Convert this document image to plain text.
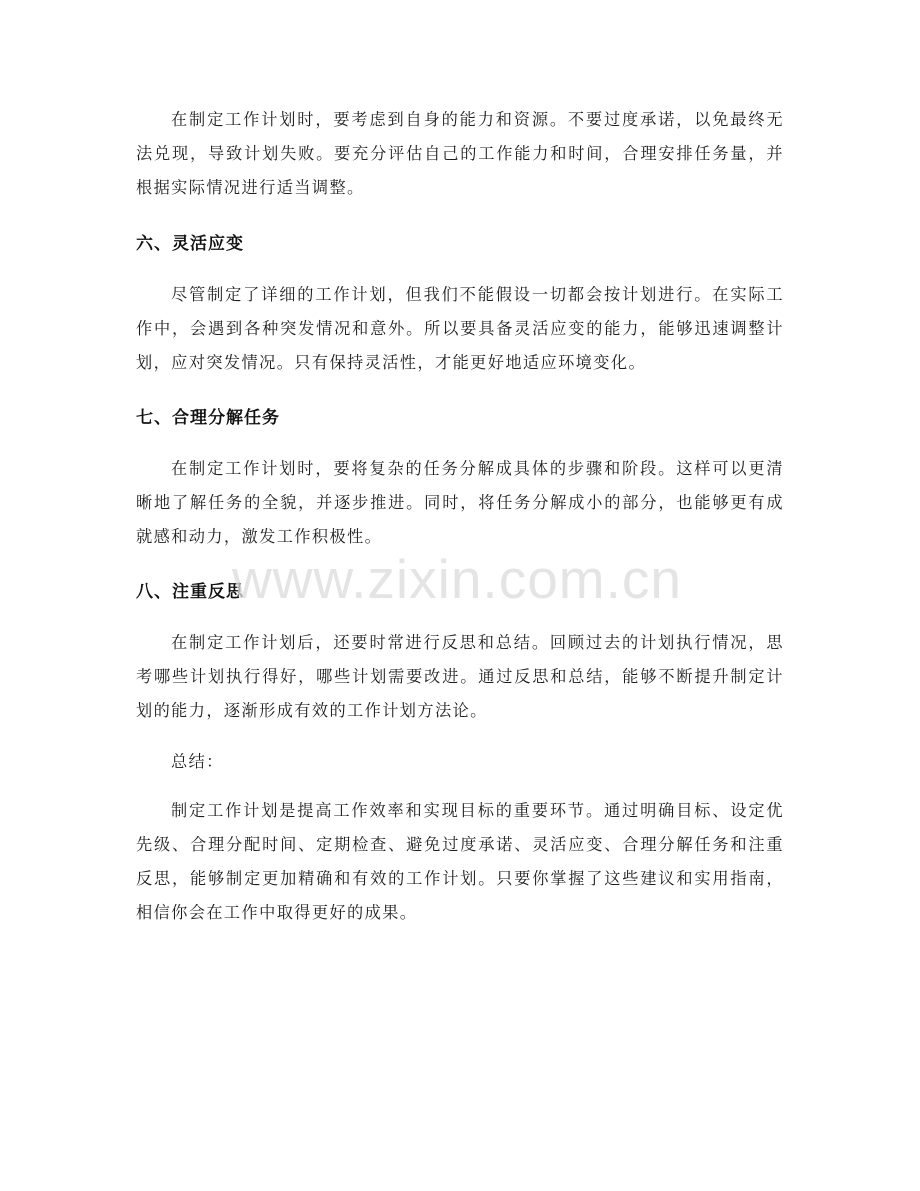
在制定工作计划时，要考虑到自身的能力和资源。不要过度承诺，以免最终无法兑现，导致计划失败。要充分评估自己的工作能力和时间，合理安排任务量，并根据实际情况进行适当调整。

六、灵活应变

尽管制定了详细的工作计划，但我们不能假设一切都会按计划进行。在实际工作中，会遇到各种突发情况和意外。所以要具备灵活应变的能力，能够迅速调整计划，应对突发情况。只有保持灵活性，才能更好地适应环境变化。

七、合理分解任务

在制定工作计划时，要将复杂的任务分解成具体的步骤和阶段。这样可以更清晰地了解任务的全貌，并逐步推进。同时，将任务分解成小的部分，也能够更有成就感和动力，激发工作积极性。

八、注重反思

在制定工作计划后，还要时常进行反思和总结。回顾过去的计划执行情况，思考哪些计划执行得好，哪些计划需要改进。通过反思和总结，能够不断提升制定计划的能力，逐渐形成有效的工作计划方法论。

总结：

制定工作计划是提高工作效率和实现目标的重要环节。通过明确目标、设定优先级、合理分配时间、定期检查、避免过度承诺、灵活应变、合理分解任务和注重反思，能够制定更加精确和有效的工作计划。只要你掌握了这些建议和实用指南，相信你会在工作中取得更好的成果。

www.zixin.com.cn
